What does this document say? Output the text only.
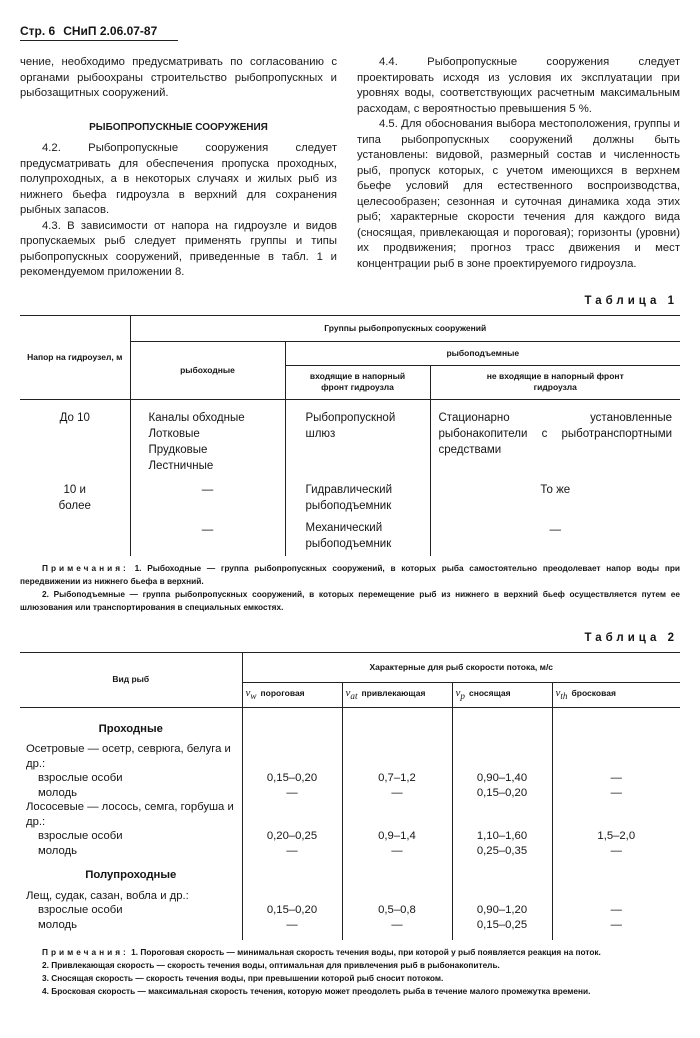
Стр. 6 СНиП 2.06.07-87

чение, необходимо предусматривать по согласованию с органами рыбоохраны строительство рыбопропускных и рыбозащитных сооружений.

РЫБОПРОПУСКНЫЕ СООРУЖЕНИЯ

4.2. Рыбопропускные сооружения следует предусматривать для обеспечения пропуска проходных, полупроходных, а в некоторых случаях и жилых рыб из нижнего бьефа гидроузла в верхний для сохранения рыбных запасов.

4.3. В зависимости от напора на гидроузле и видов пропускаемых рыб следует применять группы и типы рыбопропускных сооружений, приведенные в табл. 1 и рекомендуемом приложении 8.

4.4. Рыбопропускные сооружения следует проектировать исходя из условия их эксплуатации при уровнях воды, соответствующих расчетным максимальным расходам, с вероятностью превышения 5 %.

4.5. Для обоснования выбора местоположения, группы и типа рыбопропускных сооружений должны быть установлены: видовой, размерный состав и численность рыб, пропуск которых, с учетом имеющихся в верхнем бьефе условий для естественного воспроизводства, целесообразен; сезонная и суточная динамика хода этих рыб; характерные скорости течения для каждого вида (сносящая, привлекающая и пороговая); горизонты (уровни) их продвижения; прогноз трасс движения и мест концентрации рыб в зоне проектируемого гидроузла.

Таблица 1
Напор на гидроузел, м	Группы рыбопропускных сооружений		
	рыбоходные	рыбоподъемные	
		входящие в напорный фронт гидроузла	не входящие в напорный фронт гидроузла
До 10	Каналы обходные
Лотковые
Прудковые
Лестничные	Рыбопропускной шлюз	Стационарно установленные рыбонакопители с рыботранспортными средствами
10 и более	—	Гидравлический рыбоподъемник	То же
	—	Механический рыбоподъемник	—

Примечания: 1. Рыбоходные — группа рыбопропускных сооружений, в которых рыба самостоятельно преодолевает напор воды при передвижении из нижнего бьефа в верхний.

2. Рыбоподъемные — группа рыбопропускных сооружений, в которых перемещение рыб из нижнего в верхний бьеф осуществляется путем ее шлюзования или транспортирования в специальных емкостях.

Таблица 2
Вид рыб	Характерные для рыб скорости потока, м/с			
	$v_w$ пороговая	$v_{at}$ привлекающая	$v_p$ сносящая	$v_{th}$ бросковая
Проходные				
Осетровые — осетр, севрюга, белуга и др.:				
взрослые особи	0,15–0,20	0,7–1,2	0,90–1,40	—
молодь	—	—	0,15–0,20	—
Лососевые — лосось, семга, горбуша и др.:				
взрослые особи	0,20–0,25	0,9–1,4	1,10–1,60	1,5–2,0
молодь	—	—	0,25–0,35	—
Полупроходные				
Лещ, судак, сазан, вобла и др.:				
взрослые особи	0,15–0,20	0,5–0,8	0,90–1,20	—
молодь	—	—	0,15–0,25	—

Примечания: 1. Пороговая скорость — минимальная скорость течения воды, при которой у рыб появляется реакция на поток.

2. Привлекающая скорость — скорость течения воды, оптимальная для привлечения рыб в рыбонакопитель.

3. Сносящая скорость — скорость течения воды, при превышении которой рыб сносит потоком.

4. Бросковая скорость — максимальная скорость течения, которую может преодолеть рыба в течение малого промежутка времени.
